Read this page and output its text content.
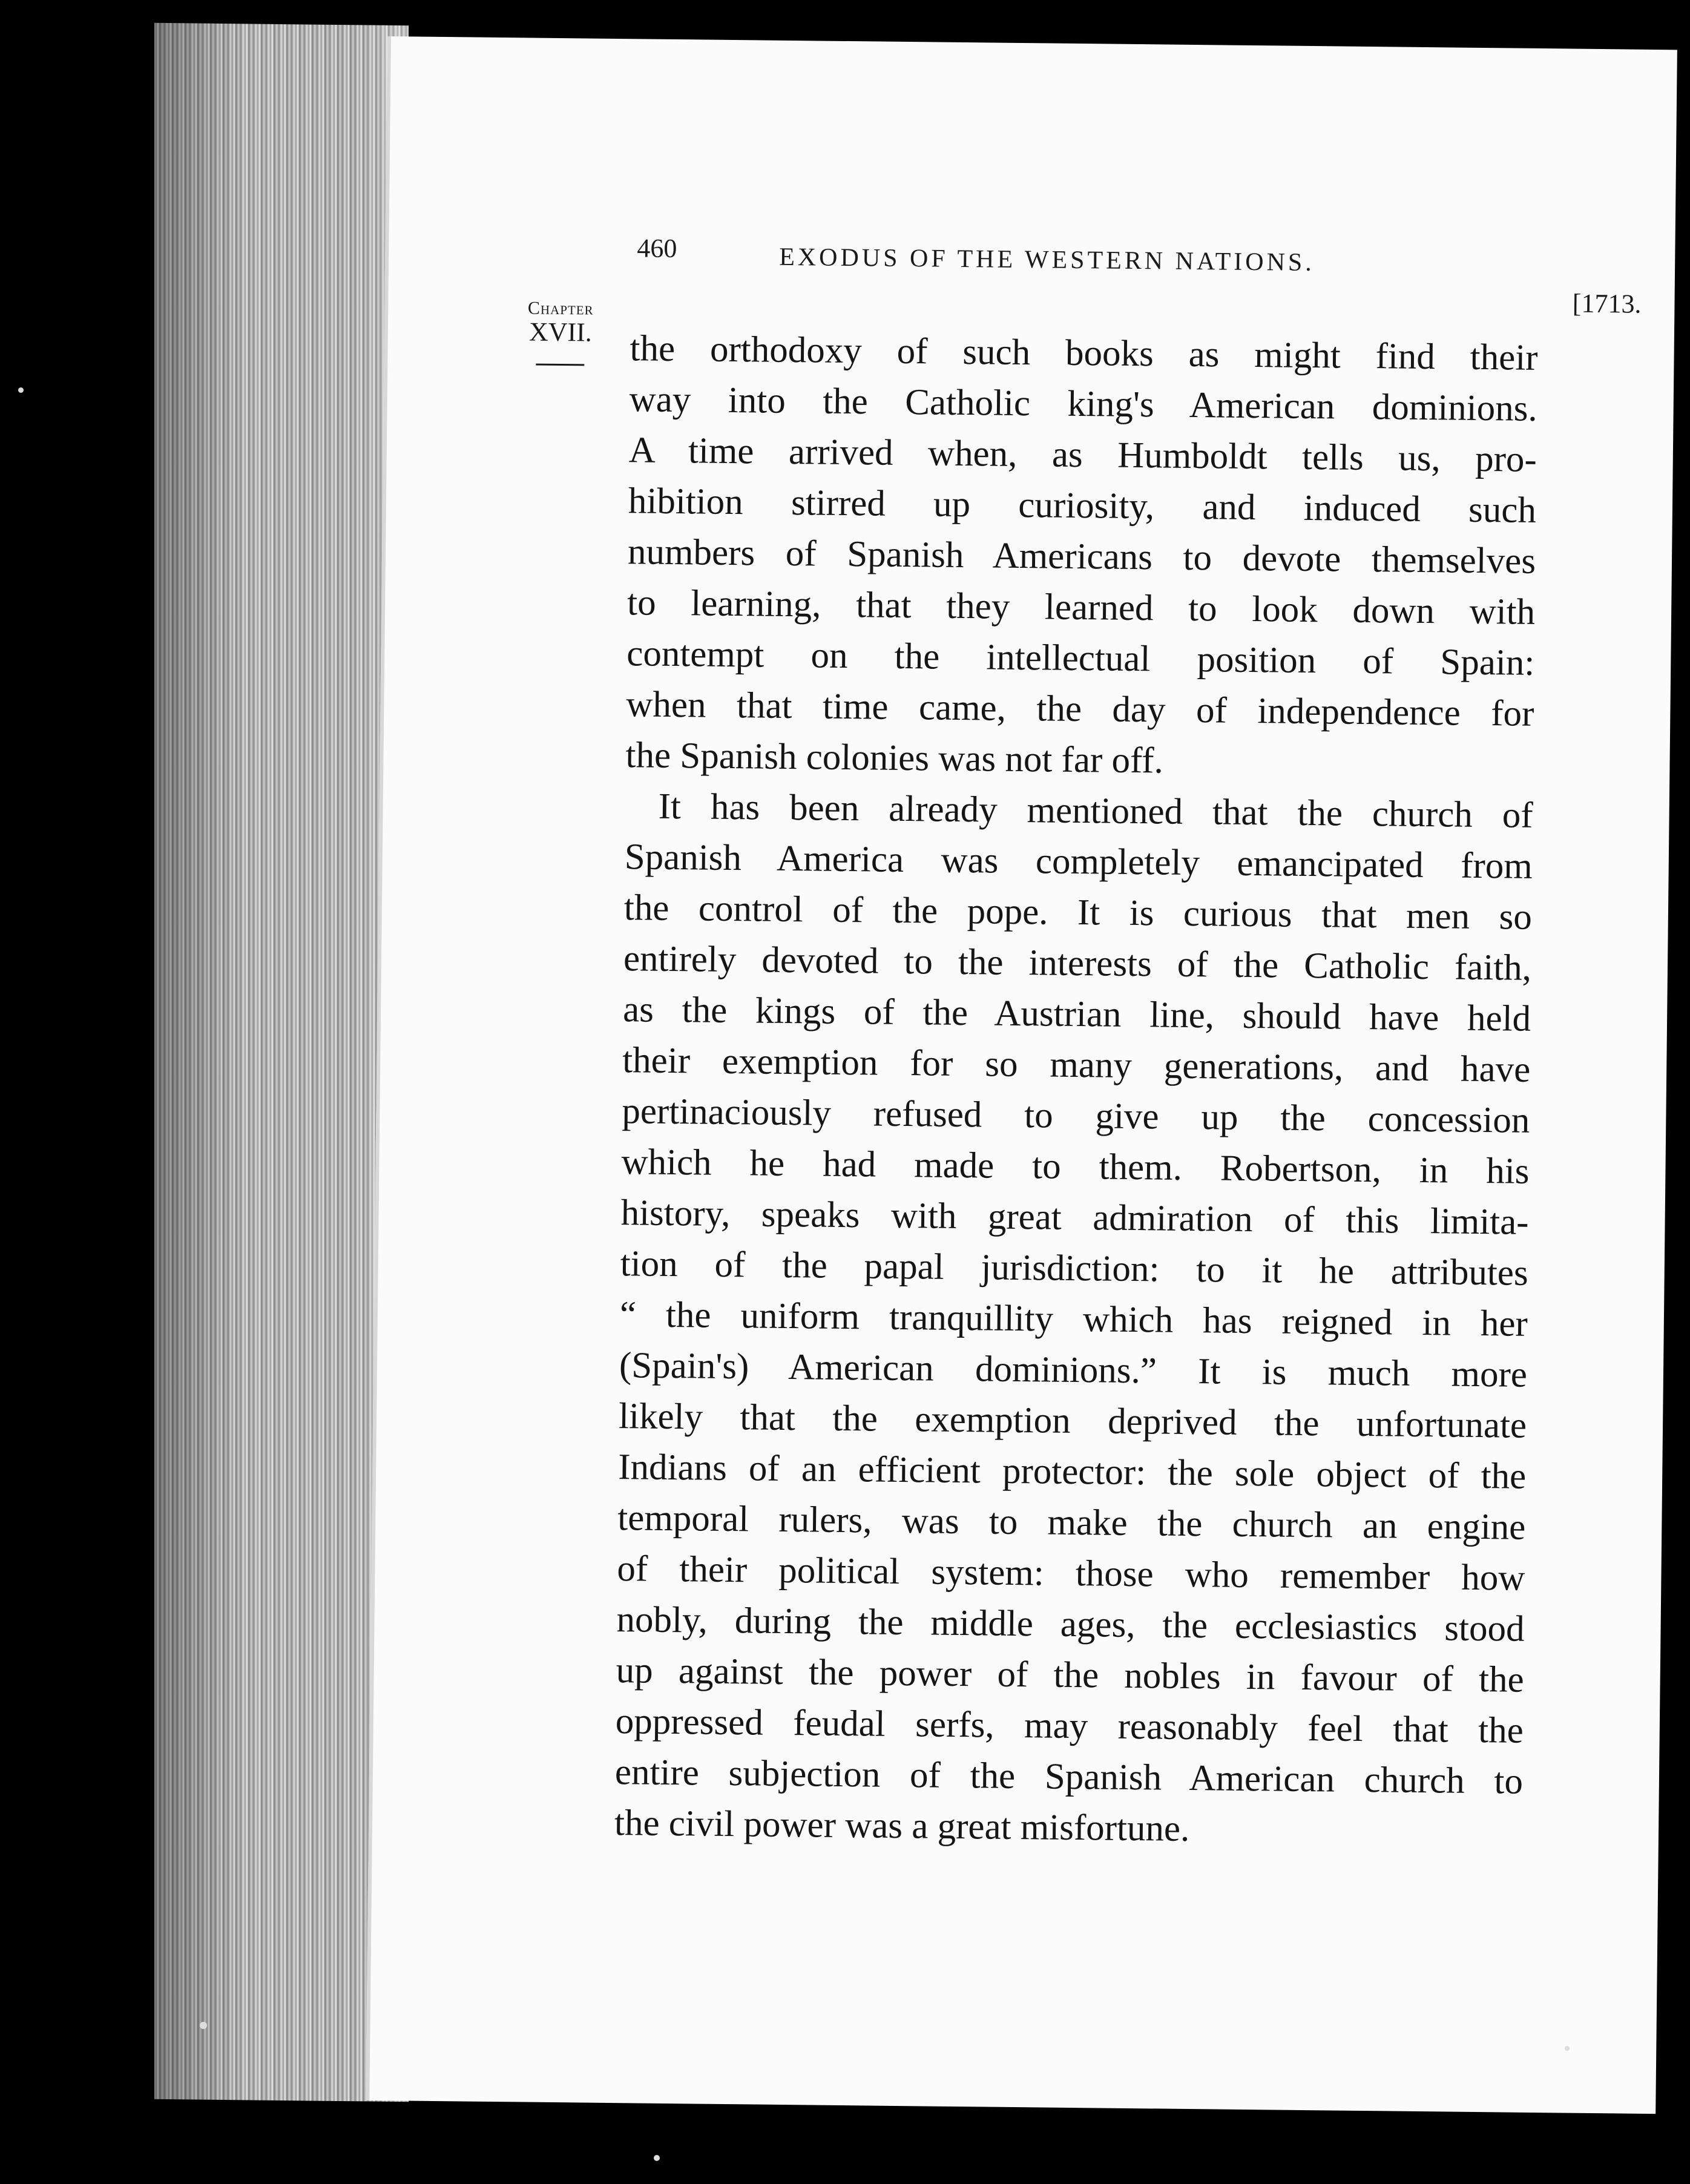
460	EXODUS OF THE WESTERN NATIONS.
[1713.
Chapter
XVII. the orthodoxy of such books as might find their
way into the Catholic king's American dominions.
A time arrived when, as Humboldt tells us, pro-
hibition stirred up curiosity, and induced such
numbers of Spanish Americans to devote themselves
to learning, that they learned to look down with
contempt on the intellectual position of Spain:
when that time came, the day of independence for
the Spanish colonies was not far off.
It has been already mentioned that the church of
Spanish America was completely emancipated from
the control of the pope. It is curious that men so
entirely devoted to the interests of the Catholic faith,
as the kings of the Austrian line, should have held
their exemption for so many generations, and have
pertinaciously refused to give up the concession
which he had made to them. Robertson, in his
history, speaks with great admiration of this limita-
tion of the papal jurisdiction: to it he attributes
“ the uniform tranquillity which has reigned in her
(Spain's) American dominions.” It is much more
likely that the exemption deprived the unfortunate
Indians of an efficient protector: the sole object of the
temporal rulers, was to make the church an engine
of their political system: those who remember how
nobly, during the middle ages, the ecclesiastics stood
up against the power of the nobles in favour of the
oppressed feudal serfs, may reasonably feel that the
entire subjection of the Spanish American church to
the civil power was a great misfortune.
